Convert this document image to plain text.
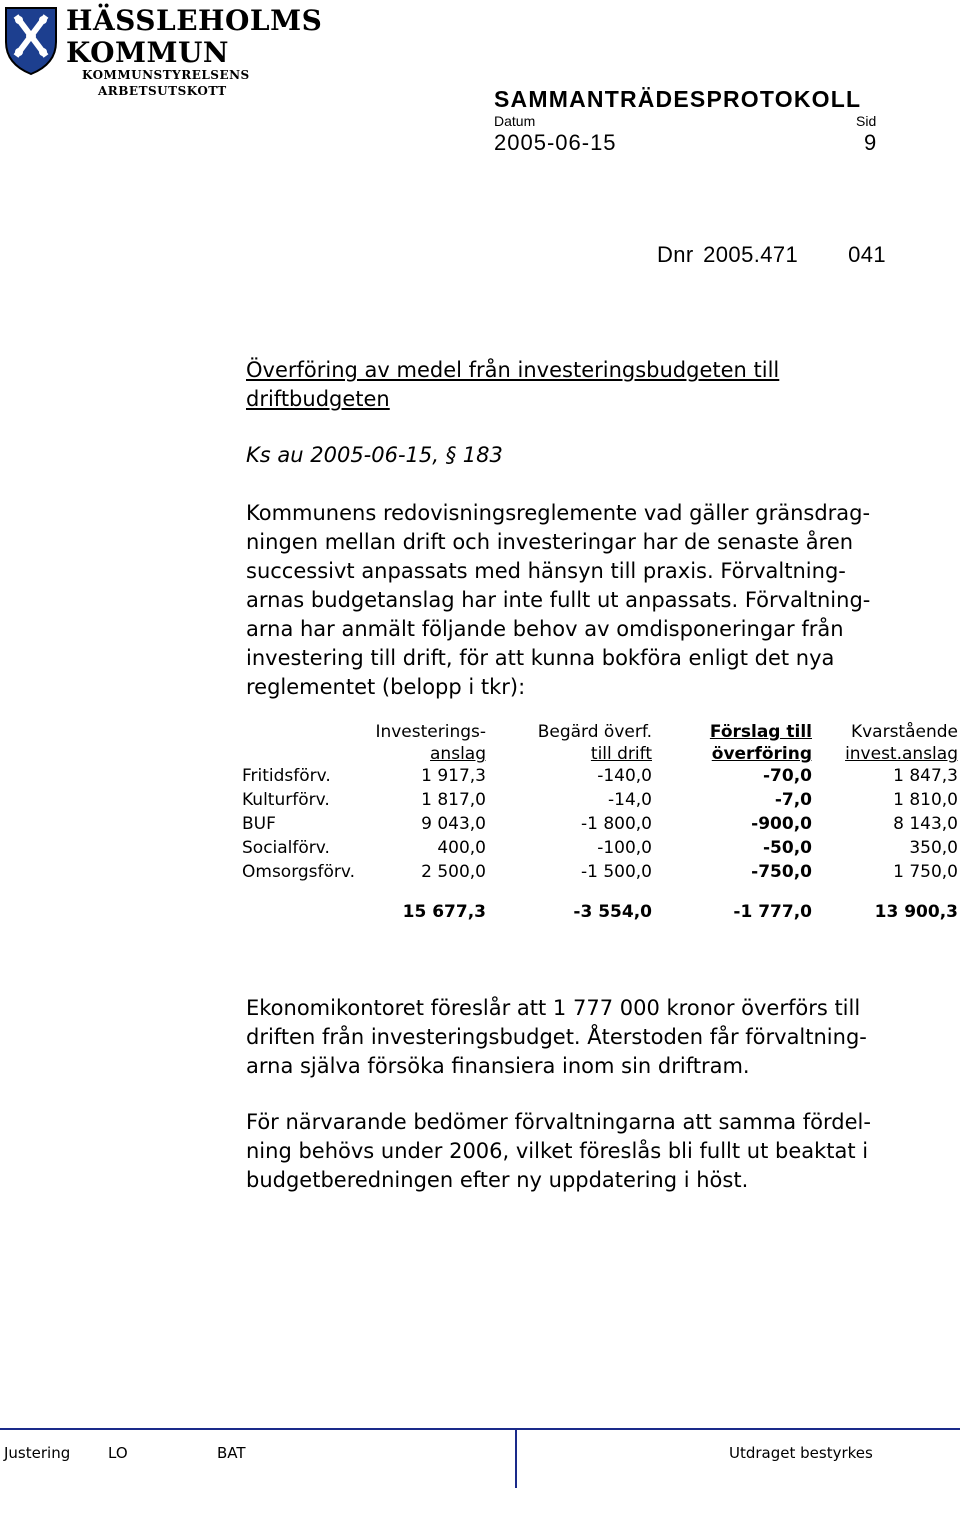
HÄSSLEHOLMS
KOMMUN
KOMMUNSTYRELSENS
ARBETSUTSKOTT	SAMMANTRÄDESPROTOKOLL
Datum	Sid
2005-06-15	9
Dnr 2005.471 041
Överföring av medel från investeringsbudgeten till driftbudgeten
Ks au 2005-06-15, § 183
Kommunens redovisningsreglemente vad gäller gränsdrag-
ningen mellan drift och investeringar har de senaste åren
successivt anpassats med hänsyn till praxis. Förvaltning-
arnas budgetanslag har inte fullt ut anpassats. Förvaltning-
arna har anmält följande behov av omdisponeringar från
investering till drift, för att kunna bokföra enligt det nya
reglementet (belopp i tkr):
	Investerings-	Begärd överf.	Förslag till	Kvarstående
	anslag	till drift	överföring	invest.anslag
Fritidsförv.	1 917,3	-140,0	-70,0	1 847,3
Kulturförv.	1 817,0	-14,0	-7,0	1 810,0
BUF	9 043,0	-1 800,0	-900,0	8 143,0
Socialförv.	400,0	-100,0	-50,0	350,0
Omsorgsförv.	2 500,0	-1 500,0	-750,0	1 750,0
	15 677,3	-3 554,0	-1 777,0	13 900,3
Ekonomikontoret föreslår att 1 777 000 kronor överförs till
driften från investeringsbudget. Återstoden får förvaltning-
arna själva försöka finansiera inom sin driftram.
För närvarande bedömer förvaltningarna att samma fördel-
ning behövs under 2006, vilket föreslås bli fullt ut beaktat i
budgetberedningen efter ny uppdatering i höst.
Justering	LO	BAT	Utdraget bestyrkes
